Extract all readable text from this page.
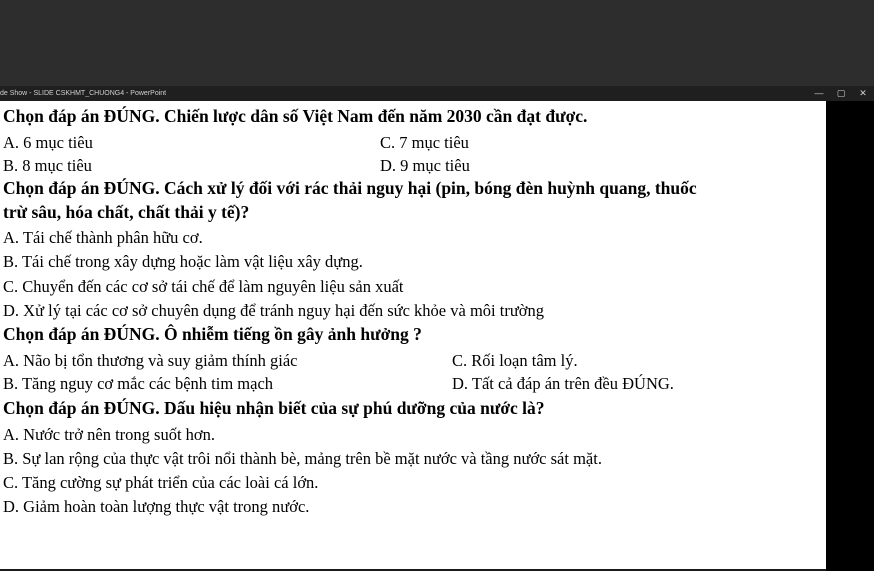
de Show - SLIDE CSKHMT_CHUONG4 - PowerPoint	—	▢	✕
Chọn đáp án ĐÚNG. Chiến lược dân số Việt Nam đến năm 2030 cần đạt được.
A. 6 mục tiêu	C. 7 mục tiêu
B. 8 mục tiêu	D. 9 mục tiêu
Chọn đáp án ĐÚNG. Cách xử lý đối với rác thải nguy hại (pin, bóng đèn huỳnh quang, thuốc
trừ sâu, hóa chất, chất thải y tế)?
A. Tái chế thành phân hữu cơ.
B. Tái chế trong xây dựng hoặc làm vật liệu xây dựng.
C. Chuyển đến các cơ sở tái chế để làm nguyên liệu sản xuất
D. Xử lý tại các cơ sở chuyên dụng để tránh nguy hại đến sức khỏe và môi trường
Chọn đáp án ĐÚNG. Ô nhiễm tiếng ồn gây ảnh hưởng ?
A. Não bị tổn thương và suy giảm thính giác	C. Rối loạn tâm lý.
B. Tăng nguy cơ mắc các bệnh tim mạch	D. Tất cả đáp án trên đều ĐÚNG.
Chọn đáp án ĐÚNG. Dấu hiệu nhận biết của sự phú dưỡng của nước là?
A. Nước trở nên trong suốt hơn.
B. Sự lan rộng của thực vật trôi nổi thành bè, mảng trên bề mặt nước và tầng nước sát mặt.
C. Tăng cường sự phát triển của các loài cá lớn.
D. Giảm hoàn toàn lượng thực vật trong nước.
